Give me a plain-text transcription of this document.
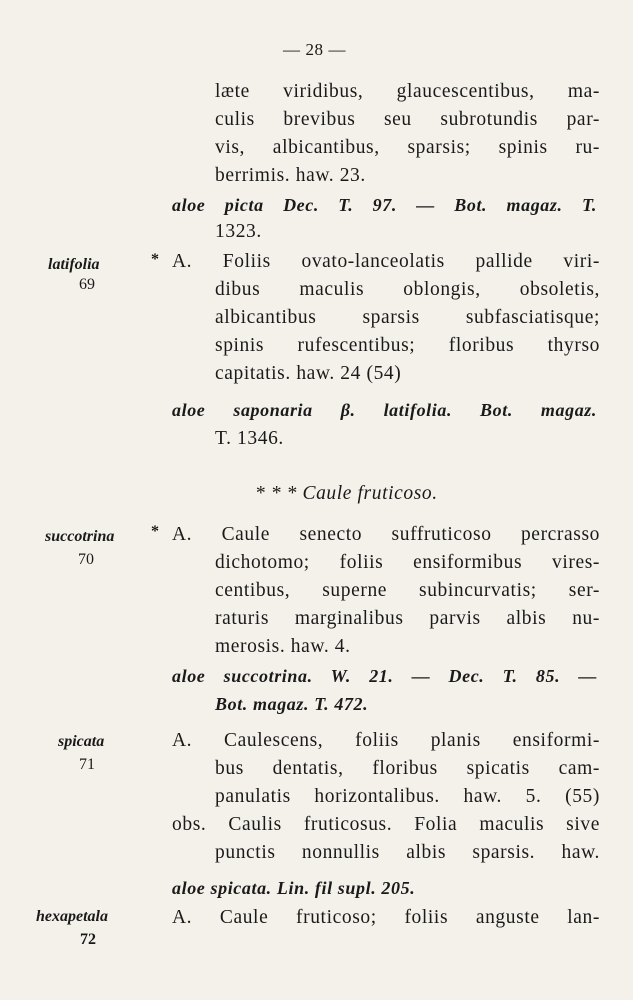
— 28 —
læte viridibus, glaucescentibus, ma-
culis brevibus seu subrotundis par-
vis, albicantibus, sparsis; spinis ru-
berrimis. haw. 23.
aloe picta Dec. T. 97. — Bot. magaz. T.
1323.
latifolia
69
* A. Foliis ovato-lanceolatis pallide viri-
dibus maculis oblongis, obsoletis,
albicantibus sparsis subfasciatisque;
spinis rufescentibus; floribus thyrso
capitatis. haw. 24 (54)
aloe saponaria β. latifolia. Bot. magaz.
T. 1346.
* * * Caule fruticoso.
succotrina
70
* A. Caule senecto suffruticoso percrasso
dichotomo; foliis ensiformibus vires-
centibus, superne subincurvatis; ser-
raturis marginalibus parvis albis nu-
merosis. haw. 4.
aloe succotrina. W. 21. — Dec. T. 85. —
Bot. magaz. T. 472.
spicata
71
A. Caulescens, foliis planis ensiformi-
bus dentatis, floribus spicatis cam-
panulatis horizontalibus. haw. 5. (55)
obs. Caulis fruticosus. Folia maculis sive
punctis nonnullis albis sparsis. haw.
aloe spicata. Lin. fil supl. 205.
hexapetala
72
A. Caule fruticoso; foliis anguste lan-
